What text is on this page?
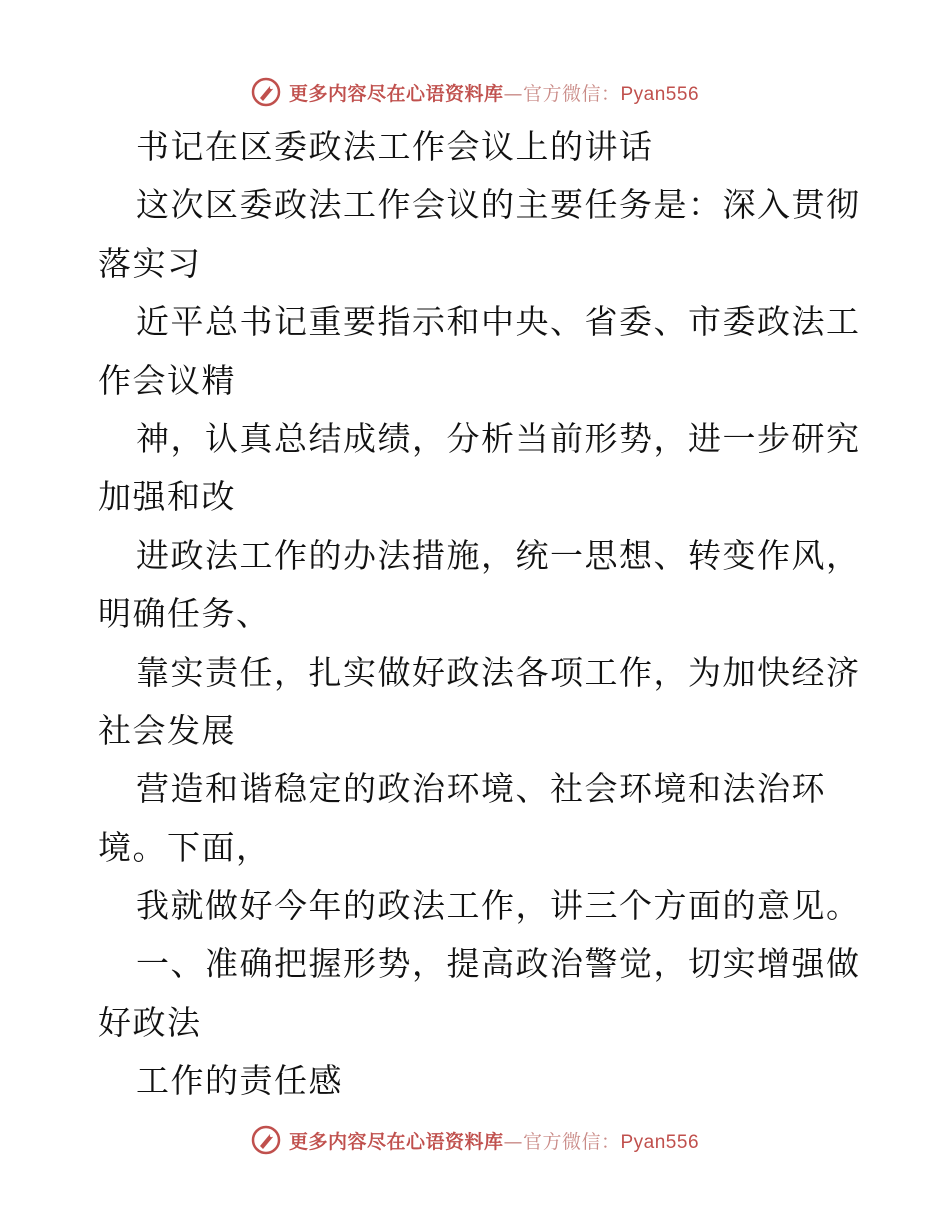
更多内容尽在心语资料库—官方微信：Pyan556
书记在区委政法工作会议上的讲话
这次区委政法工作会议的主要任务是：深入贯彻
落实习
近平总书记重要指示和中央、省委、市委政法工
作会议精
神，认真总结成绩，分析当前形势，进一步研究
加强和改
进政法工作的办法措施，统一思想、转变作风，
明确任务、
靠实责任，扎实做好政法各项工作，为加快经济
社会发展
营造和谐稳定的政治环境、社会环境和法治环
境。下面，
我就做好今年的政法工作，讲三个方面的意见。
一、准确把握形势，提高政治警觉，切实增强做
好政法
工作的责任感
更多内容尽在心语资料库—官方微信：Pyan556
